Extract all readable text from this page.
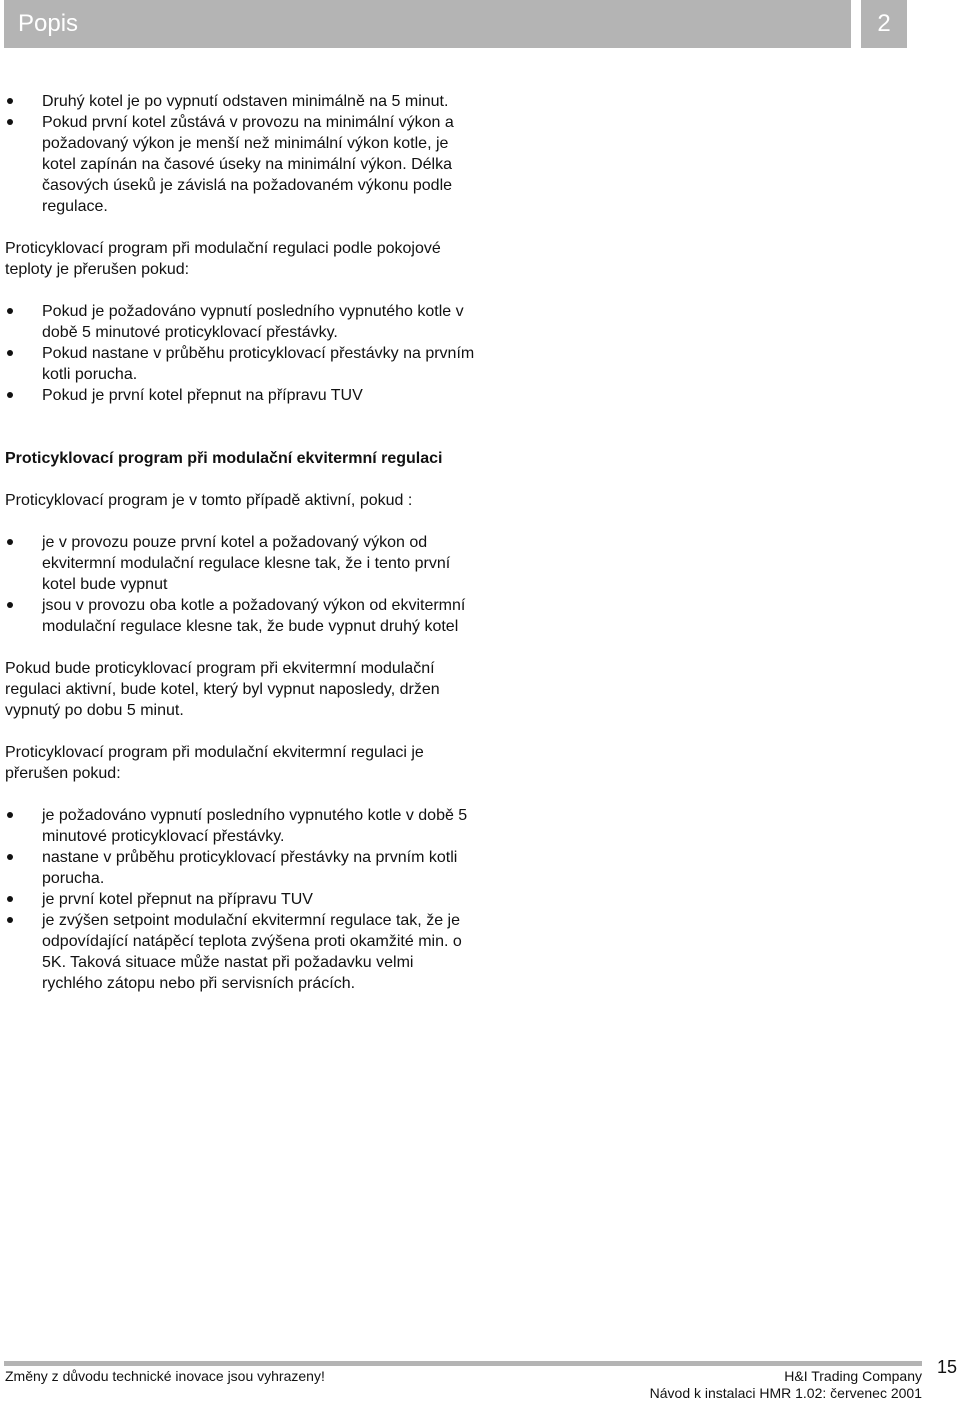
Popis	2
Druhý kotel je po vypnutí odstaven minimálně na 5 minut.
Pokud první kotel zůstává v provozu na minimální výkon a požadovaný výkon je menší než minimální výkon kotle, je kotel zapínán na časové úseky na minimální výkon. Délka časových úseků je závislá na požadovaném výkonu podle regulace.

Proticyklovací program při modulační regulaci podle pokojové teploty je přerušen pokud:

Pokud je požadováno vypnutí posledního vypnutého kotle v době 5 minutové proticyklovací přestávky.
Pokud nastane v průběhu proticyklovací přestávky na prvním kotli porucha.
Pokud je první kotel přepnut na přípravu TUV

Proticyklovací program při modulační ekvitermní regulaci

Proticyklovací program je v tomto případě aktivní, pokud :

je v provozu pouze první kotel a požadovaný výkon od ekvitermní modulační regulace klesne tak, že i tento první kotel bude vypnut
jsou v provozu oba kotle a požadovaný výkon od ekvitermní modulační regulace klesne tak, že bude vypnut druhý kotel

Pokud bude proticyklovací program při ekvitermní modulační regulaci aktivní, bude kotel, který byl vypnut naposledy, držen vypnutý po dobu 5 minut.

Proticyklovací program při modulační ekvitermní regulaci je přerušen pokud:

je požadováno vypnutí posledního vypnutého kotle v době 5 minutové proticyklovací přestávky.
nastane v průběhu proticyklovací přestávky na prvním kotli porucha.
je první kotel přepnut na přípravu TUV
je zvýšen setpoint modulační ekvitermní regulace tak, že je odpovídající natápěcí teplota zvýšena proti okamžité min. o 5K. Taková situace může nastat při požadavku velmi rychlého zátopu nebo při servisních prácích.
Změny z důvodu technické inovace jsou vyhrazeny!	H&I Trading Company
Návod k instalaci HMR 1.02: červenec 2001
15
